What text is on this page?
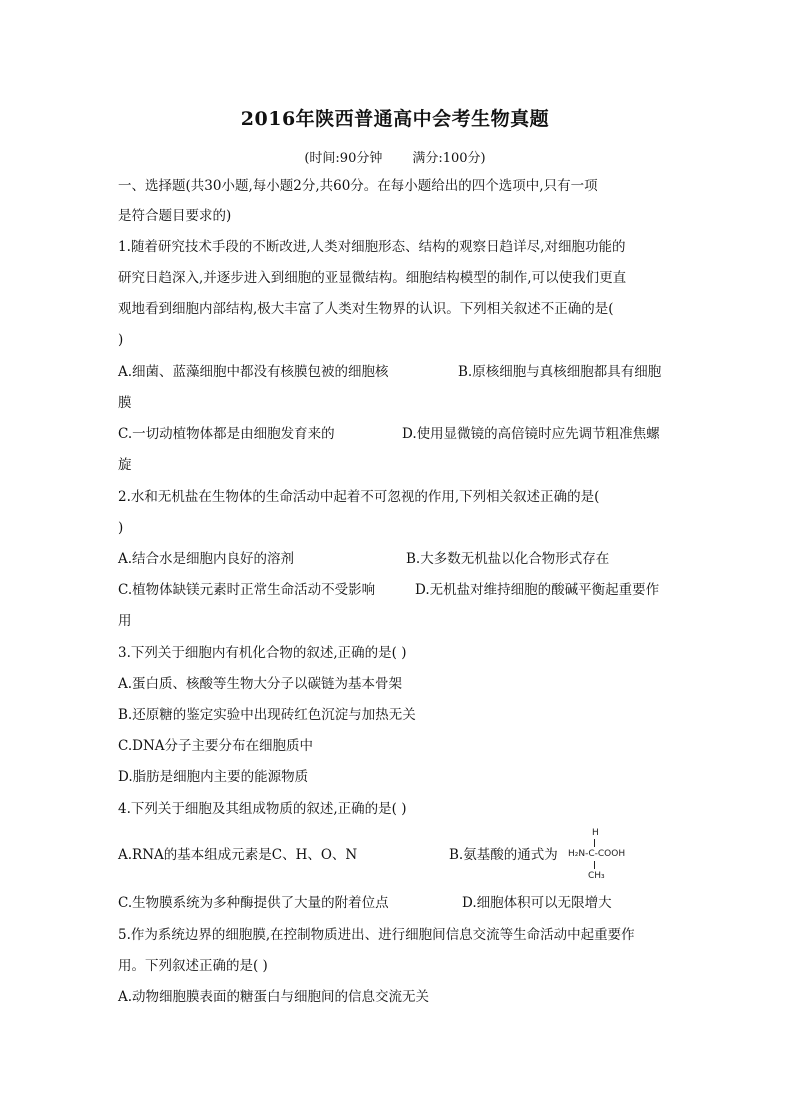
2016年陕西普通高中会考生物真题
(时间:90分钟 满分:100分)
一、选择题(共30小题,每小题2分,共60分。在每小题给出的四个选项中,只有一项
是符合题目要求的)
1.随着研究技术手段的不断改进,人类对细胞形态、结构的观察日趋详尽,对细胞功能的
研究日趋深入,并逐步进入到细胞的亚显微结构。细胞结构模型的制作,可以使我们更直
观地看到细胞内部结构,极大丰富了人类对生物界的认识。下列相关叙述不正确的是(
)
A.细菌、蓝藻细胞中都没有核膜包被的细胞核	B.原核细胞与真核细胞都具有细胞
膜
C.一切动植物体都是由细胞发育来的	D.使用显微镜的高倍镜时应先调节粗准焦螺
旋
2.水和无机盐在生物体的生命活动中起着不可忽视的作用,下列相关叙述正确的是(
)
A.结合水是细胞内良好的溶剂	B.大多数无机盐以化合物形式存在
C.植物体缺镁元素时正常生命活动不受影响	D.无机盐对维持细胞的酸碱平衡起重要作
用
3.下列关于细胞内有机化合物的叙述,正确的是( )
A.蛋白质、核酸等生物大分子以碳链为基本骨架
B.还原糖的鉴定实验中出现砖红色沉淀与加热无关
C.DNA分子主要分布在细胞质中
D.脂肪是细胞内主要的能源物质
4.下列关于细胞及其组成物质的叙述,正确的是( )
A.RNA的基本组成元素是C、H、O、N	B.氨基酸的通式为
H
H₂N-C-COOH
CH₃
C.生物膜系统为多种酶提供了大量的附着位点	D.细胞体积可以无限增大
5.作为系统边界的细胞膜,在控制物质进出、进行细胞间信息交流等生命活动中起重要作
用。下列叙述正确的是( )
A.动物细胞膜表面的糖蛋白与细胞间的信息交流无关
